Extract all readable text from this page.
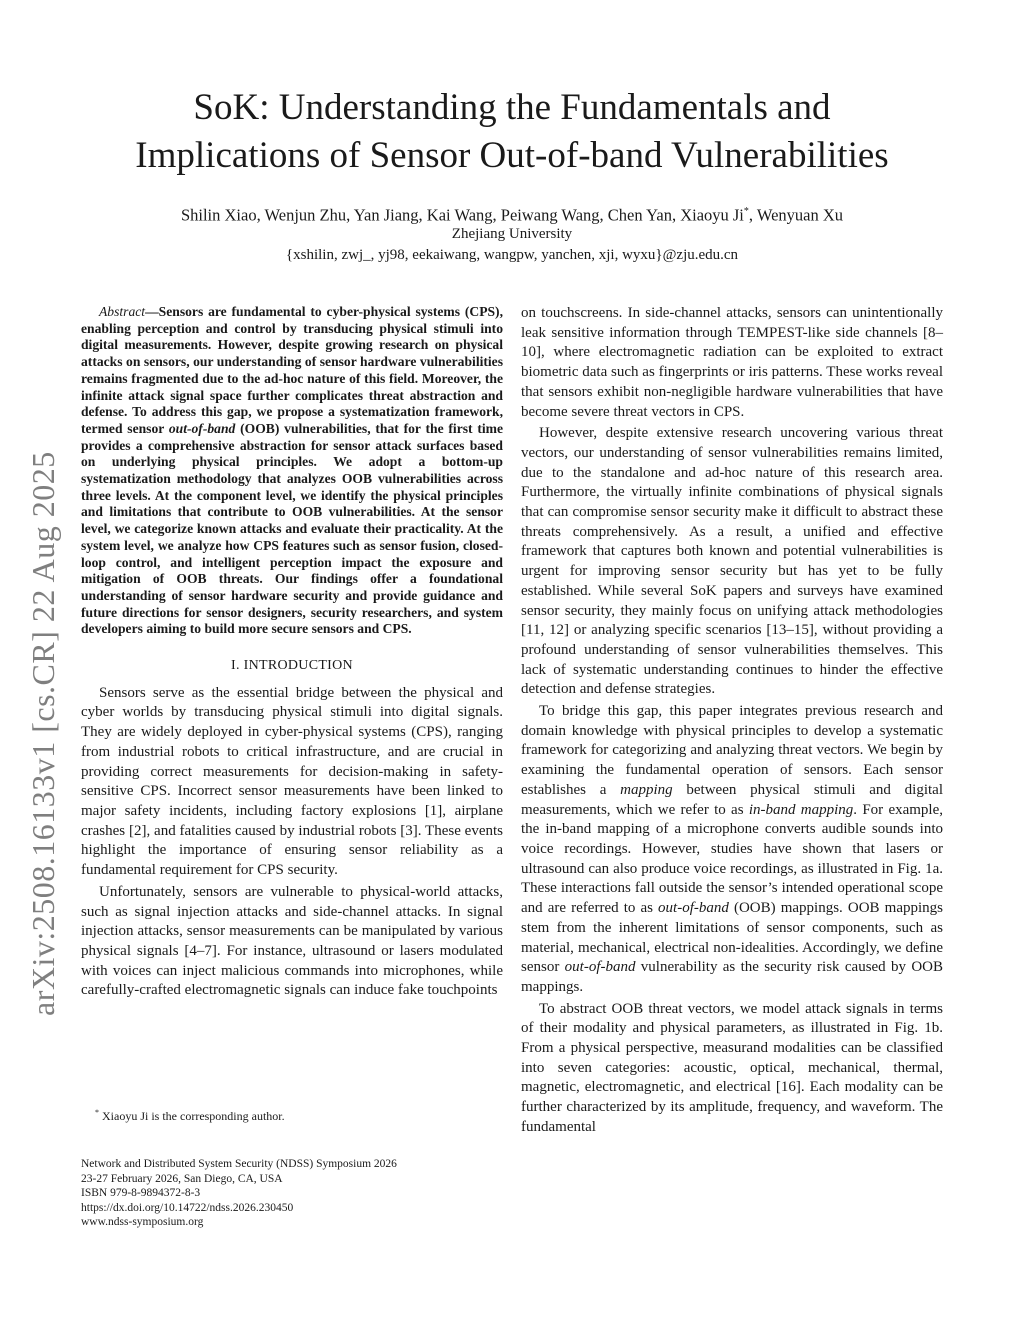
SoK: Understanding the Fundamentals and
Implications of Sensor Out-of-band Vulnerabilities
Shilin Xiao, Wenjun Zhu, Yan Jiang, Kai Wang, Peiwang Wang, Chen Yan, Xiaoyu Ji*, Wenyuan Xu
Zhejiang University
{xshilin, zwj_, yj98, eekaiwang, wangpw, yanchen, xji, wyxu}@zju.edu.cn
arXiv:2508.16133v1 [cs.CR] 22 Aug 2025

Abstract—Sensors are fundamental to cyber-physical systems (CPS), enabling perception and control by transducing physical stimuli into digital measurements. However, despite growing research on physical attacks on sensors, our understanding of sensor hardware vulnerabilities remains fragmented due to the ad-hoc nature of this field. Moreover, the infinite attack signal space further complicates threat abstraction and defense. To address this gap, we propose a systematization framework, termed sensor out-of-band (OOB) vulnerabilities, that for the first time provides a comprehensive abstraction for sensor attack surfaces based on underlying physical principles. We adopt a bottom-up systematization methodology that analyzes OOB vulnerabilities across three levels. At the component level, we identify the physical principles and limitations that contribute to OOB vulnerabilities. At the sensor level, we categorize known attacks and evaluate their practicality. At the system level, we analyze how CPS features such as sensor fusion, closed-loop control, and intelligent perception impact the exposure and mitigation of OOB threats. Our findings offer a foundational understanding of sensor hardware security and provide guidance and future directions for sensor designers, security researchers, and system developers aiming to build more secure sensors and CPS.

I. INTRODUCTION

Sensors serve as the essential bridge between the physical and cyber worlds by transducing physical stimuli into digital signals. They are widely deployed in cyber-physical systems (CPS), ranging from industrial robots to critical infrastructure, and are crucial in providing correct measurements for decision-making in safety-sensitive CPS. Incorrect sensor measurements have been linked to major safety incidents, including factory explosions [1], airplane crashes [2], and fatalities caused by industrial robots [3]. These events highlight the importance of ensuring sensor reliability as a fundamental requirement for CPS security.

Unfortunately, sensors are vulnerable to physical-world attacks, such as signal injection attacks and side-channel attacks. In signal injection attacks, sensor measurements can be manipulated by various physical signals [4–7]. For instance, ultrasound or lasers modulated with voices can inject malicious commands into microphones, while carefully-crafted electromagnetic signals can induce fake touchpoints

* Xiaoyu Ji is the corresponding author.
Network and Distributed System Security (NDSS) Symposium 2026
23-27 February 2026, San Diego, CA, USA
ISBN 979-8-9894372-8-3
https://dx.doi.org/10.14722/ndss.2026.230450
www.ndss-symposium.org

on touchscreens. In side-channel attacks, sensors can unintentionally leak sensitive information through TEMPEST-like side channels [8–10], where electromagnetic radiation can be exploited to extract biometric data such as fingerprints or iris patterns. These works reveal that sensors exhibit non-negligible hardware vulnerabilities that have become severe threat vectors in CPS.

However, despite extensive research uncovering various threat vectors, our understanding of sensor vulnerabilities remains limited, due to the standalone and ad-hoc nature of this research area. Furthermore, the virtually infinite combinations of physical signals that can compromise sensor security make it difficult to abstract these threats comprehensively. As a result, a unified and effective framework that captures both known and potential vulnerabilities is urgent for improving sensor security but has yet to be fully established. While several SoK papers and surveys have examined sensor security, they mainly focus on unifying attack methodologies [11, 12] or analyzing specific scenarios [13–15], without providing a profound understanding of sensor vulnerabilities themselves. This lack of systematic understanding continues to hinder the effective detection and defense strategies.

To bridge this gap, this paper integrates previous research and domain knowledge with physical principles to develop a systematic framework for categorizing and analyzing threat vectors. We begin by examining the fundamental operation of sensors. Each sensor establishes a mapping between physical stimuli and digital measurements, which we refer to as in-band mapping. For example, the in-band mapping of a microphone converts audible sounds into voice recordings. However, studies have shown that lasers or ultrasound can also produce voice recordings, as illustrated in Fig. 1a. These interactions fall outside the sensor’s intended operational scope and are referred to as out-of-band (OOB) mappings. OOB mappings stem from the inherent limitations of sensor components, such as material, mechanical, electrical non-idealities. Accordingly, we define sensor out-of-band vulnerability as the security risk caused by OOB mappings.

To abstract OOB threat vectors, we model attack signals in terms of their modality and physical parameters, as illustrated in Fig. 1b. From a physical perspective, measurand modalities can be classified into seven categories: acoustic, optical, mechanical, thermal, magnetic, electromagnetic, and electrical [16]. Each modality can be further characterized by its amplitude, frequency, and waveform. The fundamental
